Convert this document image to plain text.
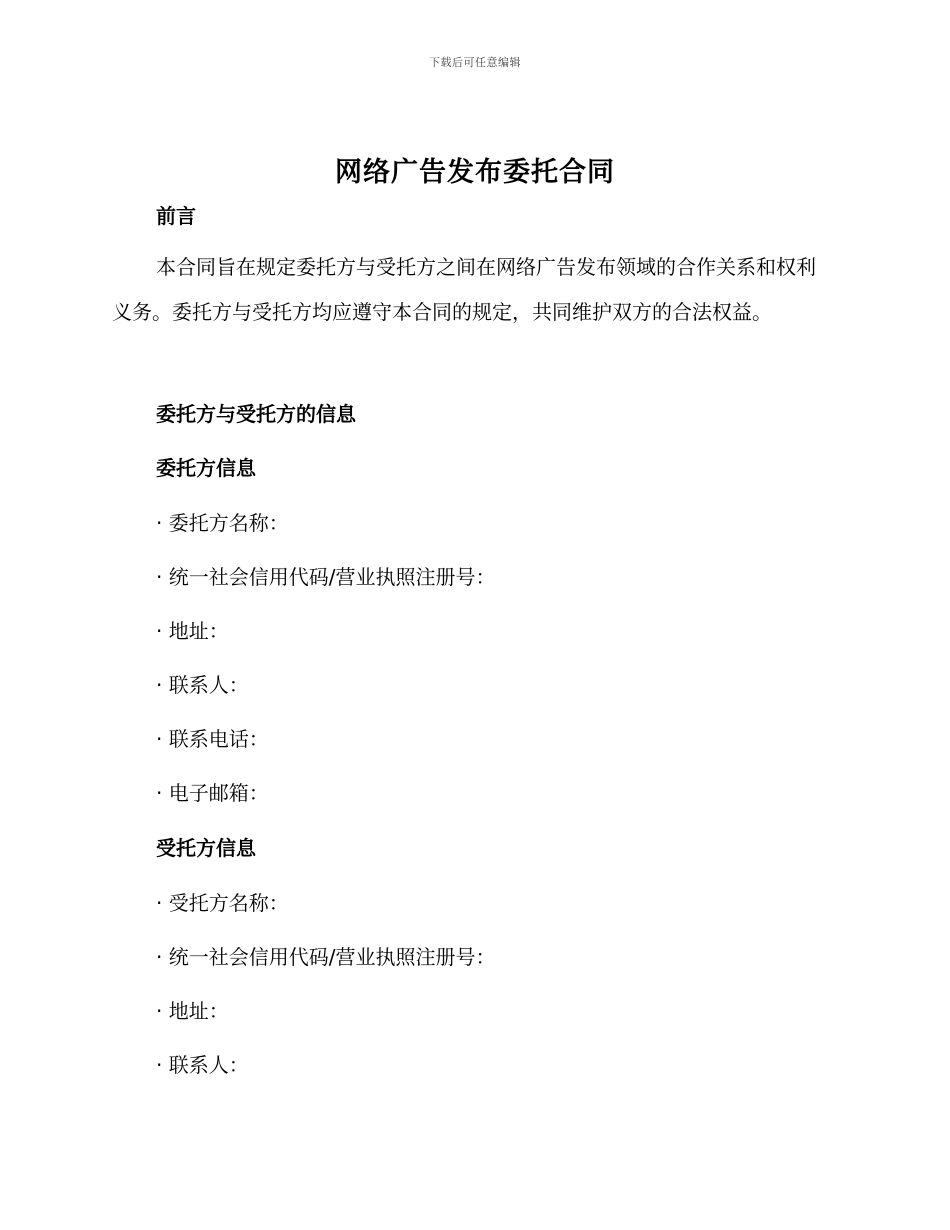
下载后可任意编辑
网络广告发布委托合同
前言
本合同旨在规定委托方与受托方之间在网络广告发布领域的合作关系和权利义务。委托方与受托方均应遵守本合同的规定，共同维护双方的合法权益。
委托方与受托方的信息
委托方信息
· 委托方名称：
· 统一社会信用代码/营业执照注册号：
· 地址：
· 联系人：
· 联系电话：
· 电子邮箱：
受托方信息
· 受托方名称：
· 统一社会信用代码/营业执照注册号：
· 地址：
· 联系人：
